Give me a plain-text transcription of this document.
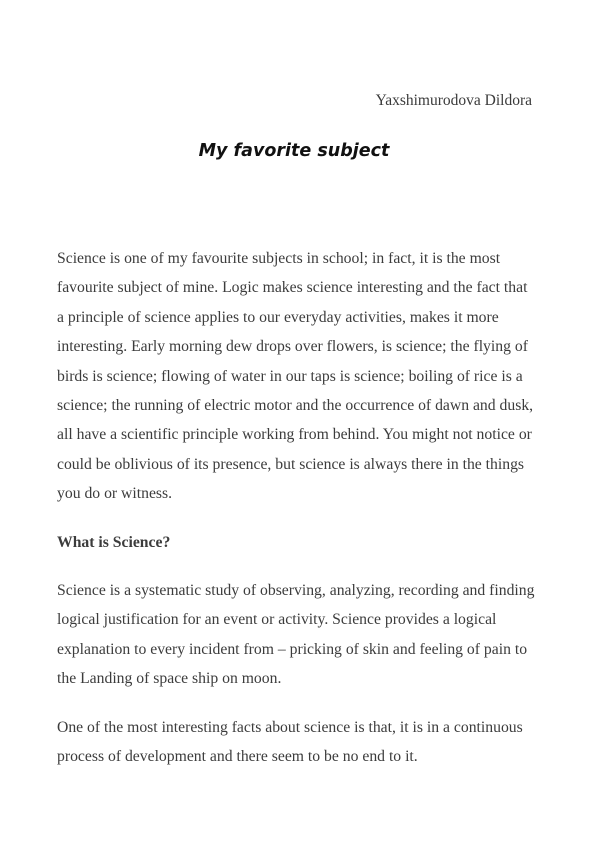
Yaxshimurodova Dildora
My favorite subject

Science is one of my favourite subjects in school; in fact, it is the most favourite subject of mine. Logic makes science interesting and the fact that a principle of science applies to our everyday activities, makes it more interesting. Early morning dew drops over flowers, is science; the flying of birds is science; flowing of water in our taps is science; boiling of rice is a science; the running of electric motor and the occurrence of dawn and dusk, all have a scientific principle working from behind. You might not notice or could be oblivious of its presence, but science is always there in the things you do or witness.

What is Science?

Science is a systematic study of observing, analyzing, recording and finding logical justification for an event or activity. Science provides a logical explanation to every incident from – pricking of skin and feeling of pain to the Landing of space ship on moon.

One of the most interesting facts about science is that, it is in a continuous process of development and there seem to be no end to it.
